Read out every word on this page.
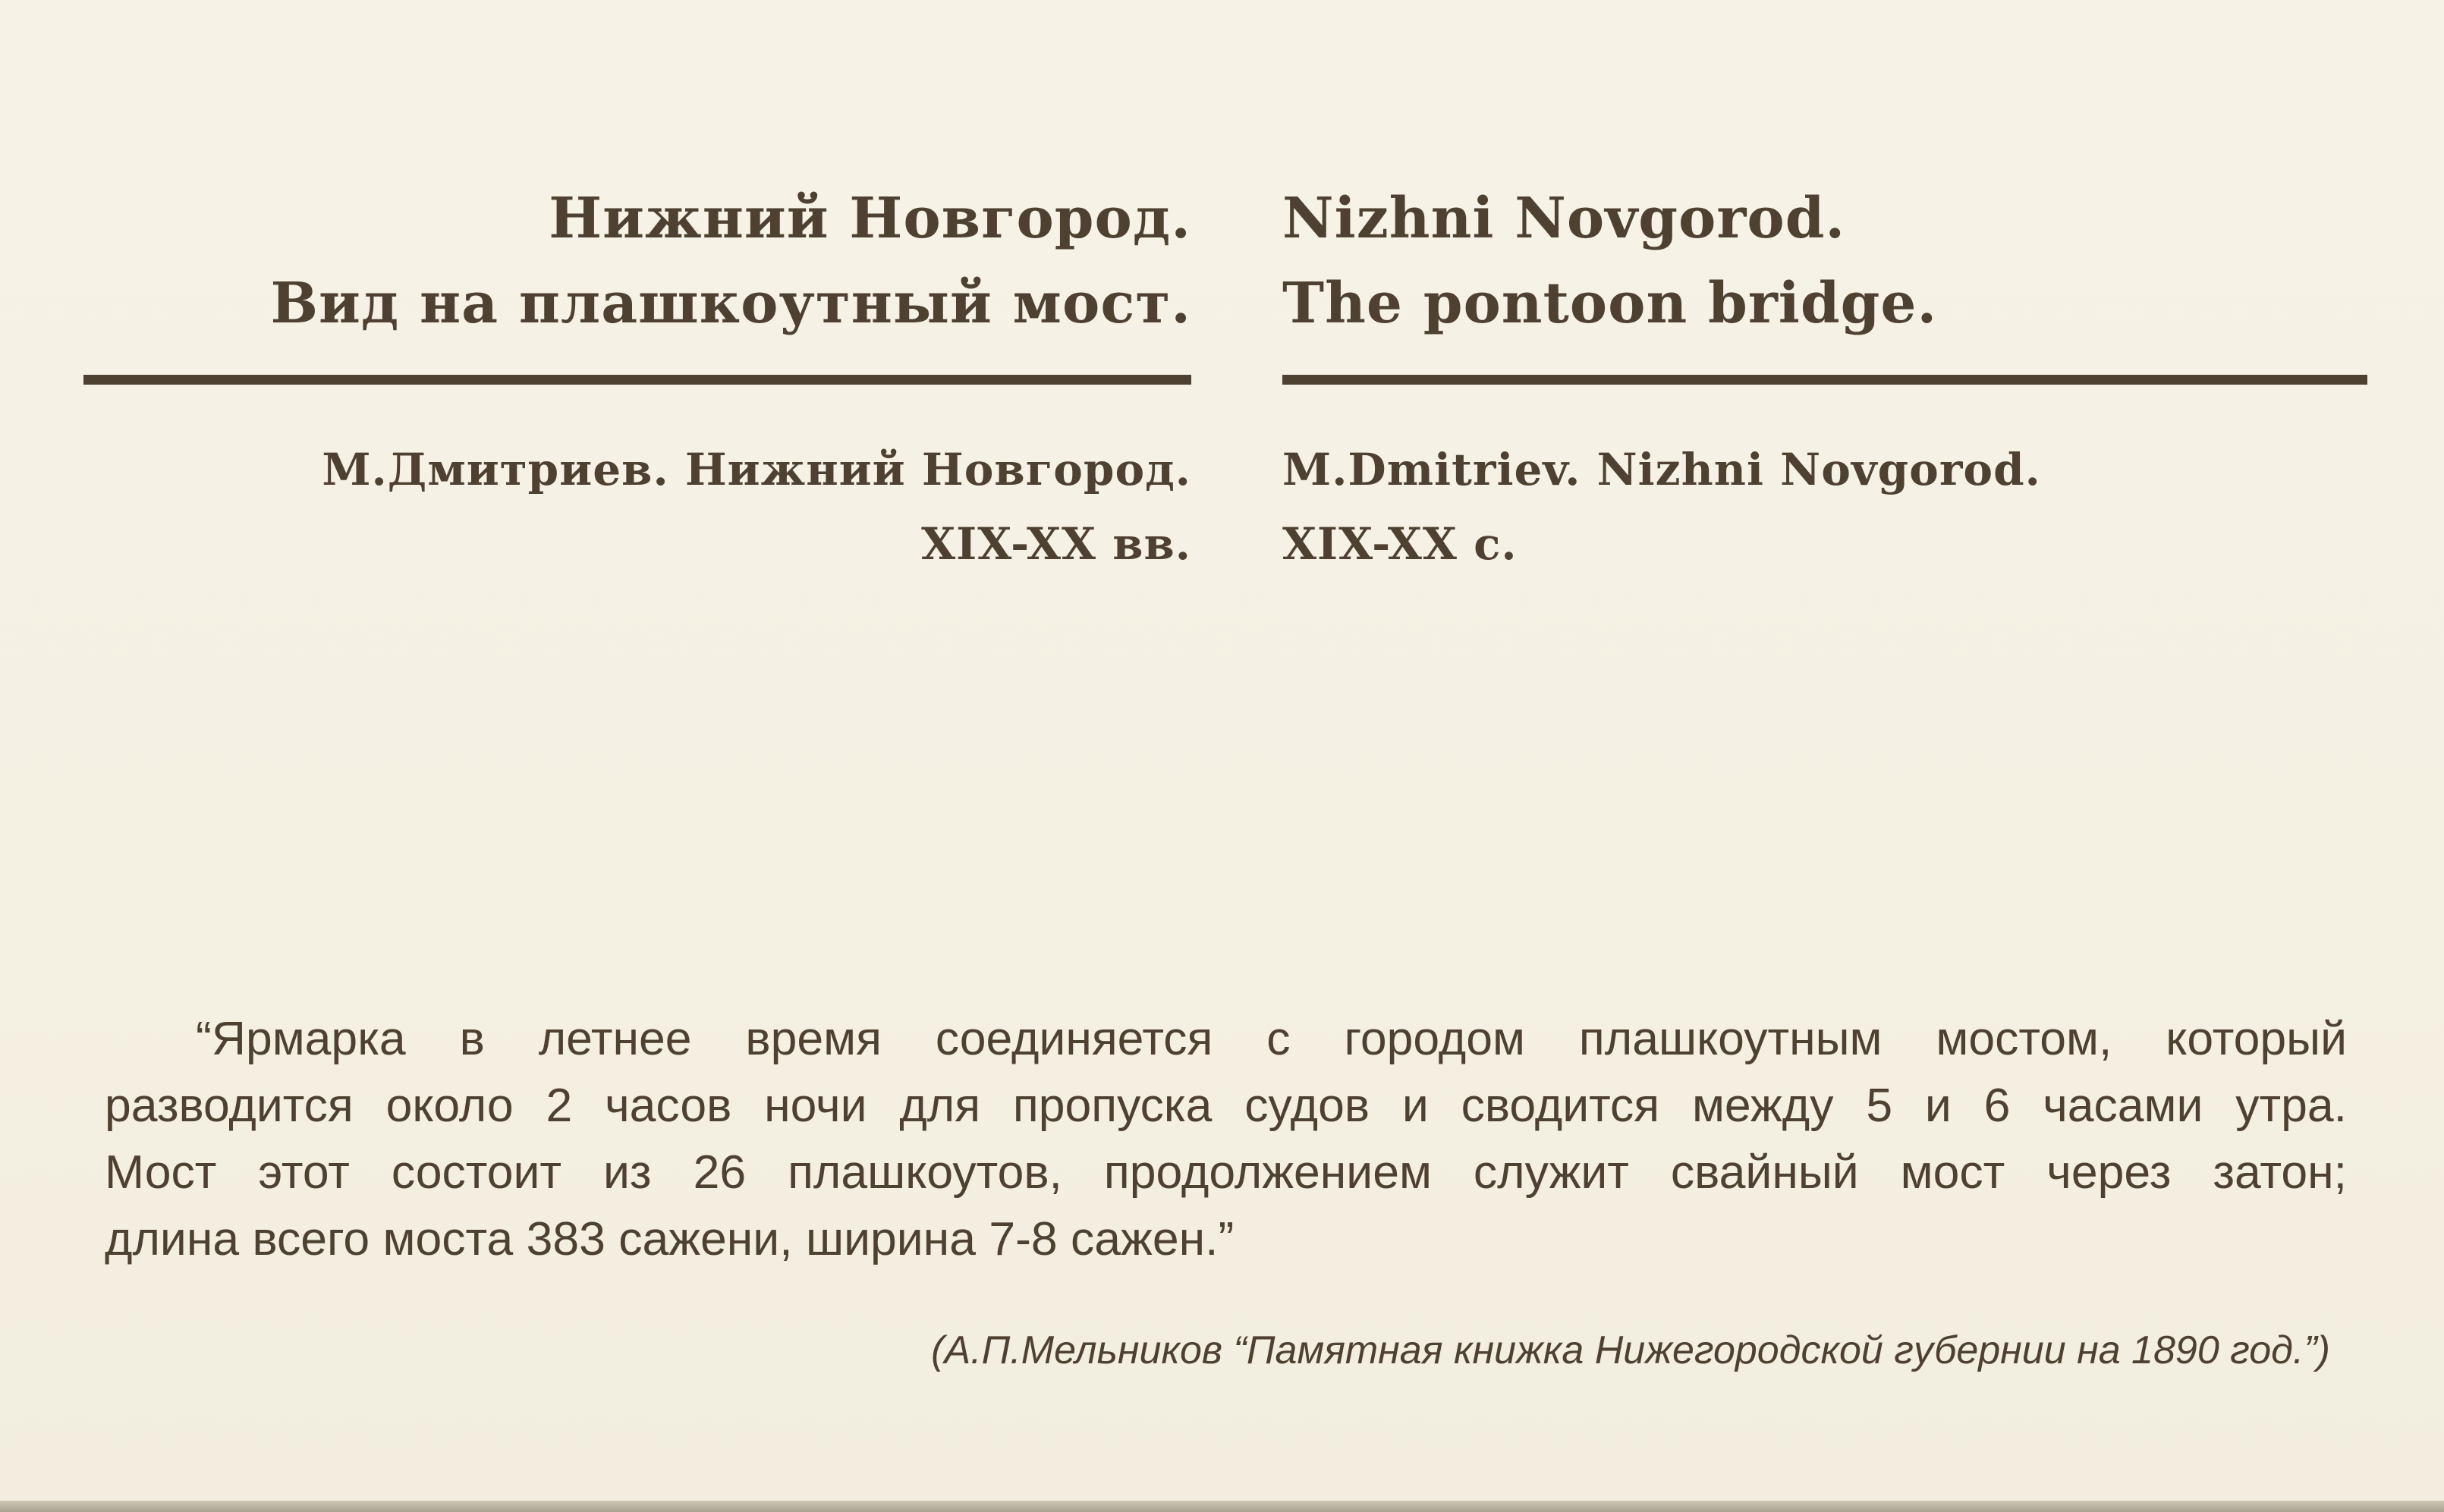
Нижний Новгород.
Вид на плашкоутный мост.
Nizhni Novgorod.
The pontoon bridge.
М.Дмитриев. Нижний Новгород.
XIX-XX вв.
M.Dmitriev. Nizhni Novgorod.
XIX-XX c.
“Ярмарка в летнее время соединяется с городом плашкоутным мостом, который
разводится около 2 часов ночи для пропуска судов и сводится между 5 и 6 часами утра.
Мост этот состоит из 26 плашкоутов, продолжением служит свайный мост через затон;
длина всего моста 383 сажени, ширина 7-8 сажен.”
(А.П.Мельников “Памятная книжка Нижегородской губернии на 1890 год.”)
